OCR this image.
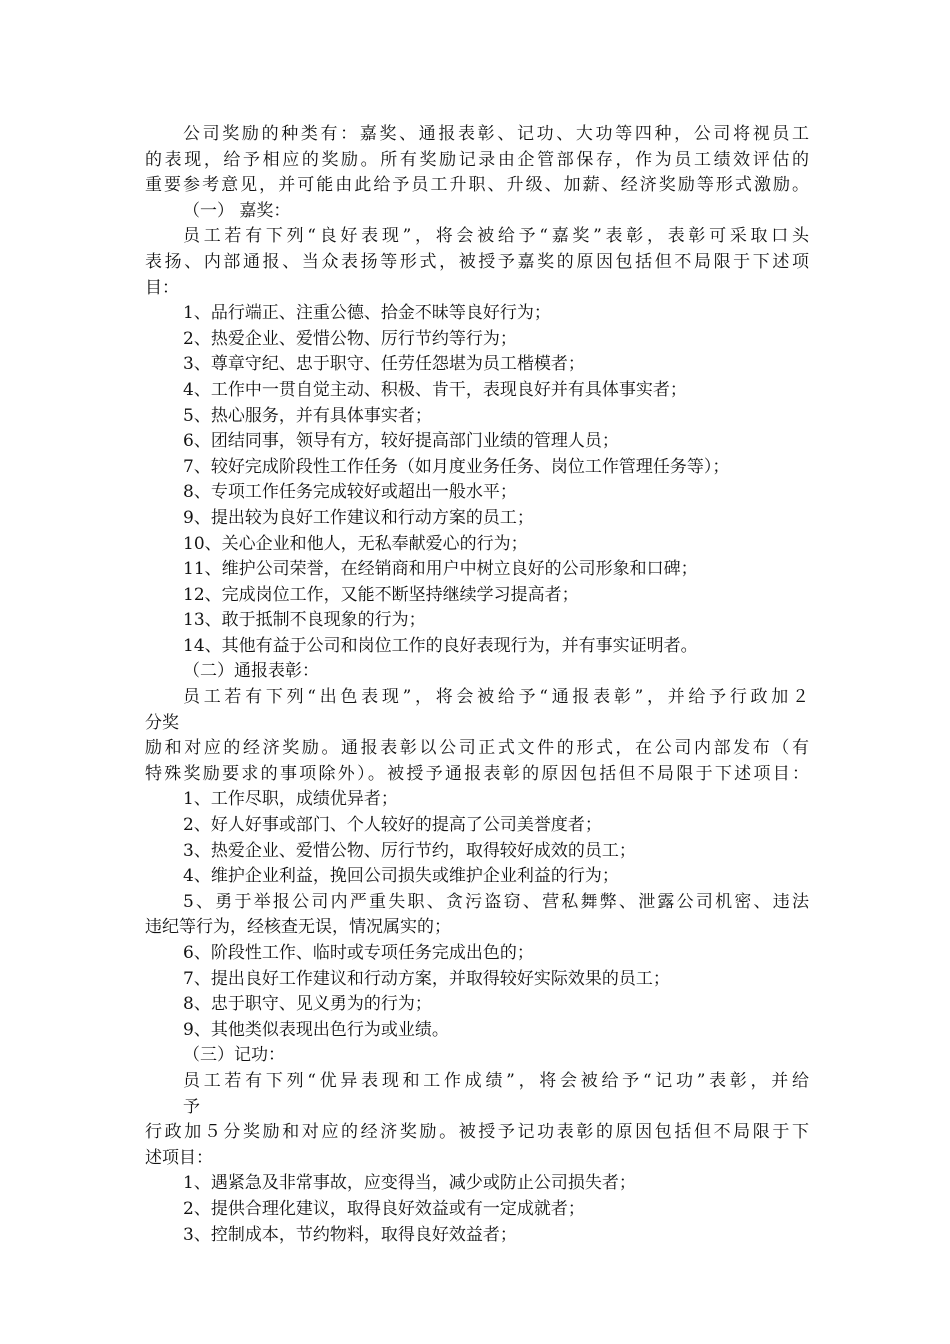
公司奖励的种类有：嘉奖、通报表彰、记功、大功等四种，公司将视员工
的表现，给予相应的奖励。所有奖励记录由企管部保存，作为员工绩效评估的
重要参考意见，并可能由此给予员工升职、升级、加薪、经济奖励等形式激励。
（一） 嘉奖：
员工若有下列“良好表现”，将会被给予“嘉奖”表彰，表彰可采取口头
表扬、内部通报、当众表扬等形式，被授予嘉奖的原因包括但不局限于下述项
目：
1、品行端正、注重公德、拾金不昧等良好行为；
2、热爱企业、爱惜公物、厉行节约等行为；
3、尊章守纪、忠于职守、任劳任怨堪为员工楷模者；
4、工作中一贯自觉主动、积极、肯干，表现良好并有具体事实者；
5、热心服务，并有具体事实者；
6、团结同事，领导有方，较好提高部门业绩的管理人员；
7、较好完成阶段性工作任务（如月度业务任务、岗位工作管理任务等）；
8、专项工作任务完成较好或超出一般水平；
9、提出较为良好工作建议和行动方案的员工；
10、关心企业和他人，无私奉献爱心的行为；
11、维护公司荣誉，在经销商和用户中树立良好的公司形象和口碑；
12、完成岗位工作，又能不断坚持继续学习提高者；
13、敢于抵制不良现象的行为；
14、其他有益于公司和岗位工作的良好表现行为，并有事实证明者。
（二）通报表彰：
员工若有下列“出色表现”，将会被给予“通报表彰”，并给予行政加２
分奖
励和对应的经济奖励。通报表彰以公司正式文件的形式，在公司内部发布（有
特殊奖励要求的事项除外）。被授予通报表彰的原因包括但不局限于下述项目：
1、工作尽职，成绩优异者；
2、好人好事或部门、个人较好的提高了公司美誉度者；
3、热爱企业、爱惜公物、厉行节约，取得较好成效的员工；
4、维护企业利益，挽回公司损失或维护企业利益的行为；
5、勇于举报公司内严重失职、贪污盗窃、营私舞弊、泄露公司机密、违法
违纪等行为，经核查无误，情况属实的；
6、阶段性工作、临时或专项任务完成出色的；
7、提出良好工作建议和行动方案，并取得较好实际效果的员工；
8、忠于职守、见义勇为的行为；
9、其他类似表现出色行为或业绩。
（三）记功：
员工若有下列“优异表现和工作成绩”，将会被给予“记功”表彰，并给
予
行政加５分奖励和对应的经济奖励。被授予记功表彰的原因包括但不局限于下
述项目：
1、遇紧急及非常事故，应变得当，减少或防止公司损失者；
2、提供合理化建议，取得良好效益或有一定成就者；
3、控制成本，节约物料，取得良好效益者；
